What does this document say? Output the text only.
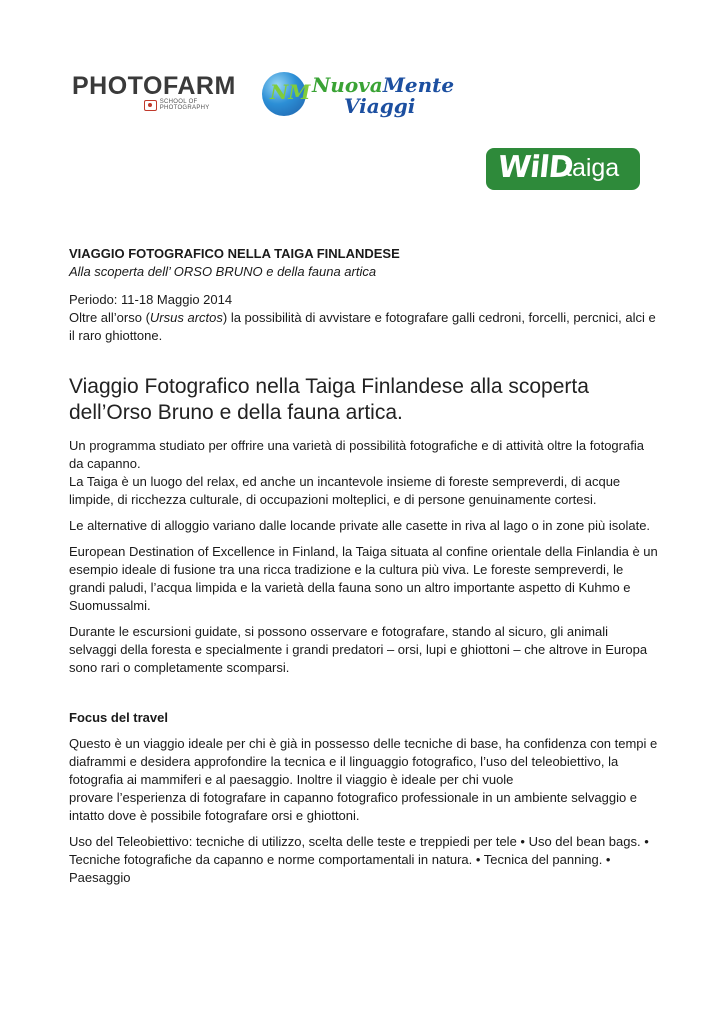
PHOTOFARM
SCHOOL OF PHOTOGRAPHY
NM NuovaMente
Viaggi
WilD
taiga

VIAGGIO FOTOGRAFICO NELLA TAIGA FINLANDESE

Alla scoperta dell’ ORSO BRUNO e della fauna artica

Periodo: 11-18 Maggio 2014

Oltre all’orso (Ursus arctos) la possibilità di avvistare e fotografare galli cedroni, forcelli, percnici, alci e il raro ghiottone.

Viaggio Fotografico nella Taiga Finlandese alla scoperta dell’Orso Bruno e della fauna artica.

Un programma studiato per offrire una varietà di possibilità fotografiche e di attività oltre la fotografia da capanno.

La Taiga è un luogo del relax, ed anche un incantevole insieme di foreste sempreverdi, di acque limpide, di ricchezza culturale, di occupazioni molteplici, e di persone genuinamente cortesi.

Le alternative di alloggio variano dalle locande private alle casette in riva al lago o in zone più isolate.

European Destination of Excellence in Finland, la Taiga situata al confine orientale della Finlandia è un esempio ideale di fusione tra una ricca tradizione e la cultura più viva. Le foreste sempreverdi, le grandi paludi, l’acqua limpida e la varietà della fauna sono un altro importante aspetto di Kuhmo e Suomussalmi.

Durante le escursioni guidate, si possono osservare e fotografare, stando al sicuro, gli animali selvaggi della foresta e specialmente i grandi predatori – orsi, lupi e ghiottoni – che altrove in Europa sono rari o completamente scomparsi.

Focus del travel

Questo è un viaggio ideale per chi è già in possesso delle tecniche di base, ha confidenza con tempi e diaframmi e desidera approfondire la tecnica e il linguaggio fotografico, l’uso del teleobiettivo, la fotografia ai mammiferi e al paesaggio. Inoltre il viaggio è ideale per chi vuole

provare l’esperienza di fotografare in capanno fotografico professionale in un ambiente selvaggio e intatto dove è possibile fotografare orsi e ghiottoni.

Uso del Teleobiettivo: tecniche di utilizzo, scelta delle teste e treppiedi per tele • Uso del bean bags. • Tecniche fotografiche da capanno e norme comportamentali in natura. • Tecnica del panning. • Paesaggio
